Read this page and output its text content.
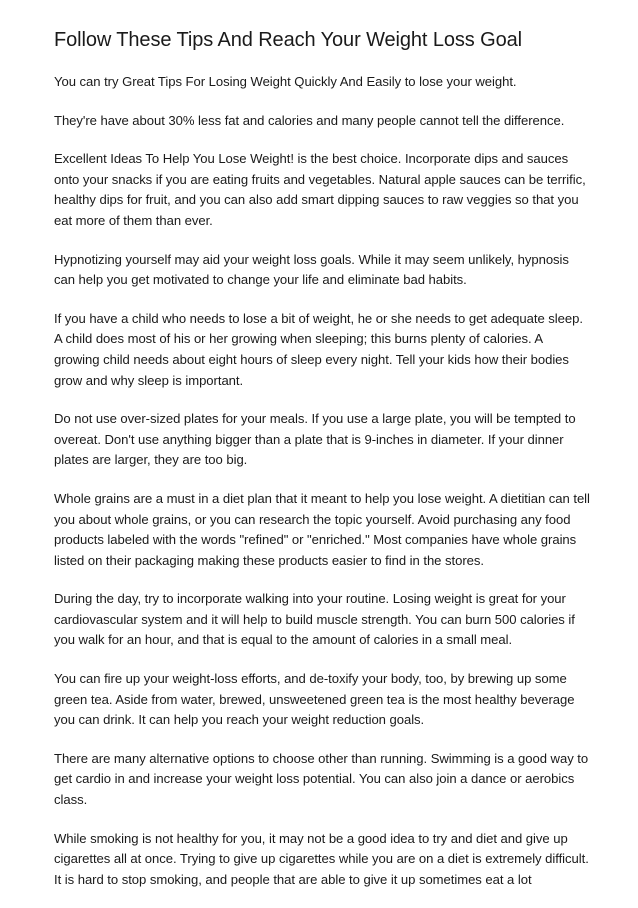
Follow These Tips And Reach Your Weight Loss Goal

You can try Great Tips For Losing Weight Quickly And Easily to lose your weight.

They're have about 30% less fat and calories and many people cannot tell the difference.

Excellent Ideas To Help You Lose Weight! is the best choice. Incorporate dips and sauces onto your snacks if you are eating fruits and vegetables. Natural apple sauces can be terrific, healthy dips for fruit, and you can also add smart dipping sauces to raw veggies so that you eat more of them than ever.

Hypnotizing yourself may aid your weight loss goals. While it may seem unlikely, hypnosis can help you get motivated to change your life and eliminate bad habits.

If you have a child who needs to lose a bit of weight, he or she needs to get adequate sleep. A child does most of his or her growing when sleeping; this burns plenty of calories. A growing child needs about eight hours of sleep every night. Tell your kids how their bodies grow and why sleep is important.

Do not use over-sized plates for your meals. If you use a large plate, you will be tempted to overeat. Don't use anything bigger than a plate that is 9-inches in diameter. If your dinner plates are larger, they are too big.

Whole grains are a must in a diet plan that it meant to help you lose weight. A dietitian can tell you about whole grains, or you can research the topic yourself. Avoid purchasing any food products labeled with the words "refined" or "enriched." Most companies have whole grains listed on their packaging making these products easier to find in the stores.

During the day, try to incorporate walking into your routine. Losing weight is great for your cardiovascular system and it will help to build muscle strength. You can burn 500 calories if you walk for an hour, and that is equal to the amount of calories in a small meal.

You can fire up your weight-loss efforts, and de-toxify your body, too, by brewing up some green tea. Aside from water, brewed, unsweetened green tea is the most healthy beverage you can drink. It can help you reach your weight reduction goals.

There are many alternative options to choose other than running. Swimming is a good way to get cardio in and increase your weight loss potential. You can also join a dance or aerobics class.

While smoking is not healthy for you, it may not be a good idea to try and diet and give up cigarettes all at once. Trying to give up cigarettes while you are on a diet is extremely difficult. It is hard to stop smoking, and people that are able to give it up sometimes eat a lot
